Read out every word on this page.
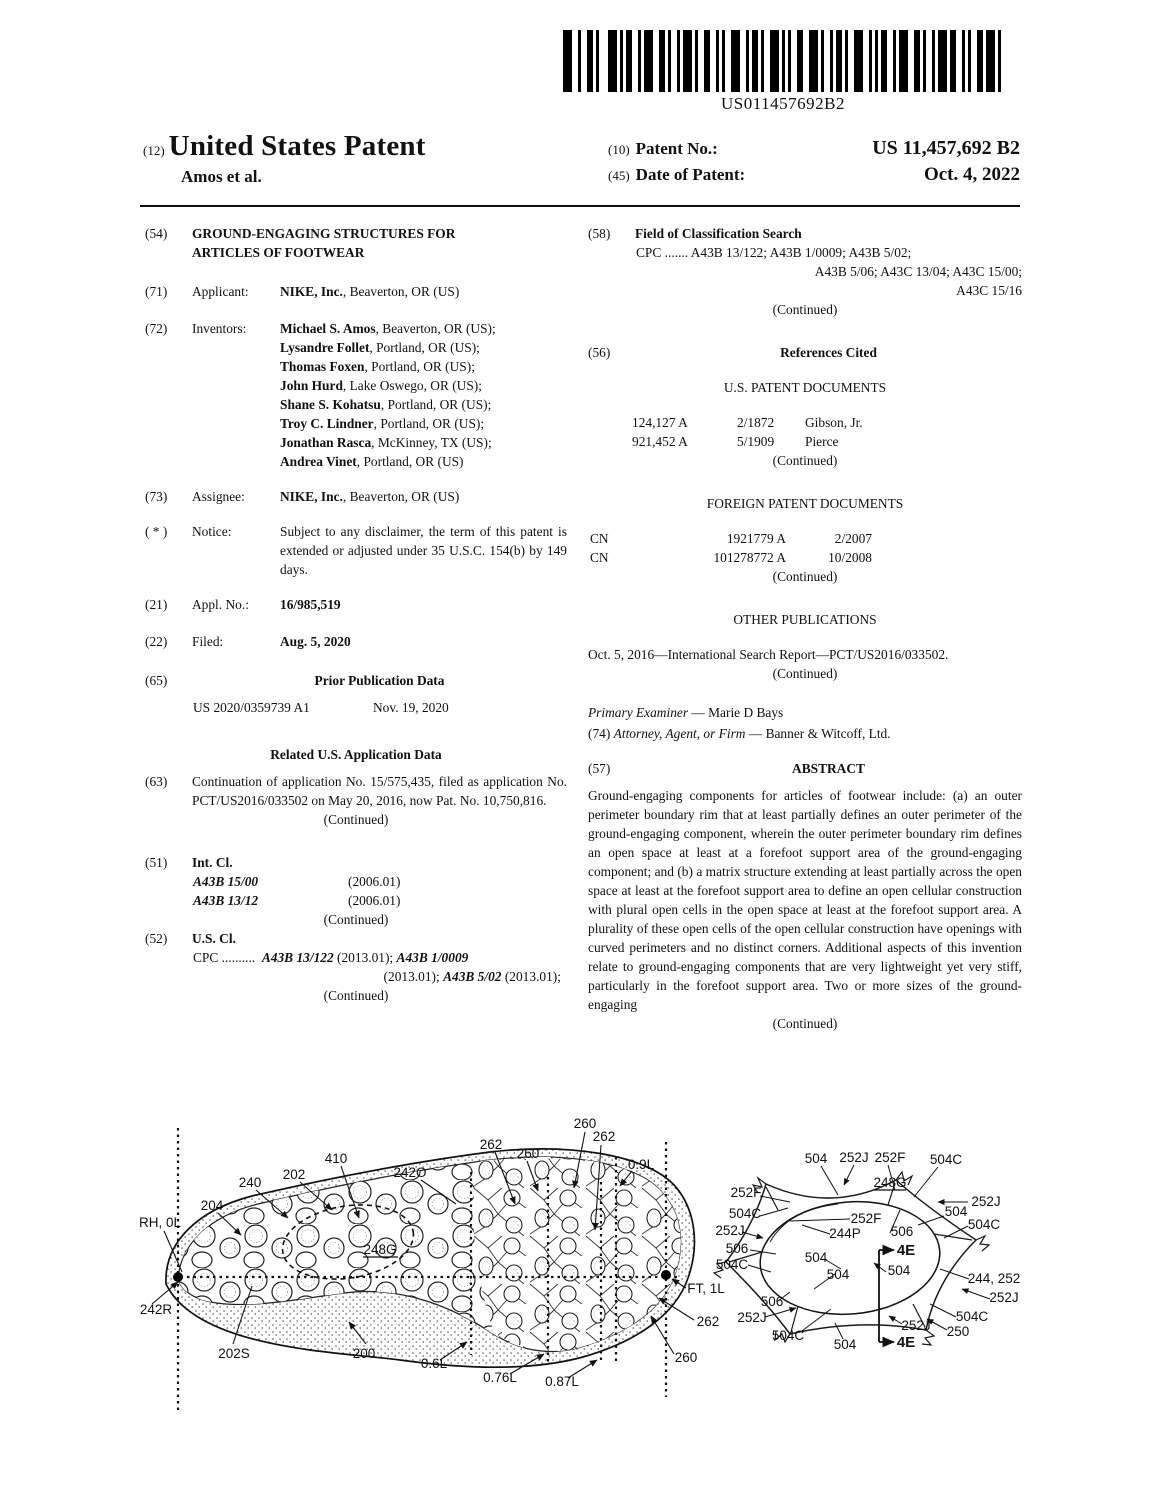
US011457692B2
(12) United States Patent
Amos et al.
(10) Patent No.:	US 11,457,692 B2
(45) Date of Patent:	Oct. 4, 2022
(54)	GROUND-ENGAGING STRUCTURES FOR
ARTICLES OF FOOTWEAR
(71)	Applicant:	NIKE, Inc., Beaverton, OR (US)
(72)	Inventors:	Michael S. Amos, Beaverton, OR (US);
Lysandre Follet, Portland, OR (US);
Thomas Foxen, Portland, OR (US);
John Hurd, Lake Oswego, OR (US);
Shane S. Kohatsu, Portland, OR (US);
Troy C. Lindner, Portland, OR (US);
Jonathan Rasca, McKinney, TX (US);
Andrea Vinet, Portland, OR (US)
(73)	Assignee:	NIKE, Inc., Beaverton, OR (US)
( * )	Notice:	Subject to any disclaimer, the term of this patent is extended or adjusted under 35 U.S.C. 154(b) by 149 days.
(21)	Appl. No.:	16/985,519
(22)	Filed:	Aug. 5, 2020
(65)	Prior Publication Data
US 2020/0359739 A1	Nov. 19, 2020
Related U.S. Application Data
(63)	Continuation of application No. 15/575,435, filed as application No. PCT/US2016/033502 on May 20, 2016, now Pat. No. 10,750,816.
(Continued)
(51)	Int. Cl.
A43B 15/00	(2006.01)
A43B 13/12	(2006.01)
(Continued)
(52)	U.S. Cl.
CPC .......... A43B 13/122 (2013.01); A43B 1/0009
(2013.01); A43B 5/02 (2013.01);
(Continued)
(58)	Field of Classification Search
CPC ....... A43B 13/122; A43B 1/0009; A43B 5/02;
A43B 5/06; A43C 13/04; A43C 15/00;
A43C 15/16
(Continued)
(56)	References Cited
U.S. PATENT DOCUMENTS
124,127 A	2/1872	Gibson, Jr.
921,452 A	5/1909	Pierce
(Continued)
FOREIGN PATENT DOCUMENTS
CN	1921779 A	2/2007
CN	101278772 A	10/2008
(Continued)
OTHER PUBLICATIONS
Oct. 5, 2016—International Search Report—PCT/US2016/033502.
(Continued)
Primary Examiner — Marie D Bays
(74) Attorney, Agent, or Firm — Banner & Witcoff, Ltd.
(57)	ABSTRACT
Ground-engaging components for articles of footwear include: (a) an outer perimeter boundary rim that at least partially defines an outer perimeter of the ground-engaging component, wherein the outer perimeter boundary rim defines an open space at least at a forefoot support area of the ground-engaging component; and (b) a matrix structure extending at least partially across the open space at least at the forefoot support area to define an open cellular construction with plural open cells in the open space at least at the forefoot support area. A plurality of these open cells of the open cellular construction have openings with curved perimeters and no distinct corners. Additional aspects of this invention relate to ground-engaging components that are very lightweight yet very stiff, particularly in the forefoot support area. Two or more sizes of the ground-engaging
(Continued)
260
262
262
260
0.9L
242O
410
202
240
204
RH, 0L
248G
FT, 1L
262
260
242R
202S	200
0.6L
0.76L 0.87L
504 252J 252F 504C
248G
252F
252J
504C	504
252F	504C
252J	244P 506
506
504C	504
504	504
244, 252
506	252J
252J	504C
504C
252J 250
504
4E
4E
